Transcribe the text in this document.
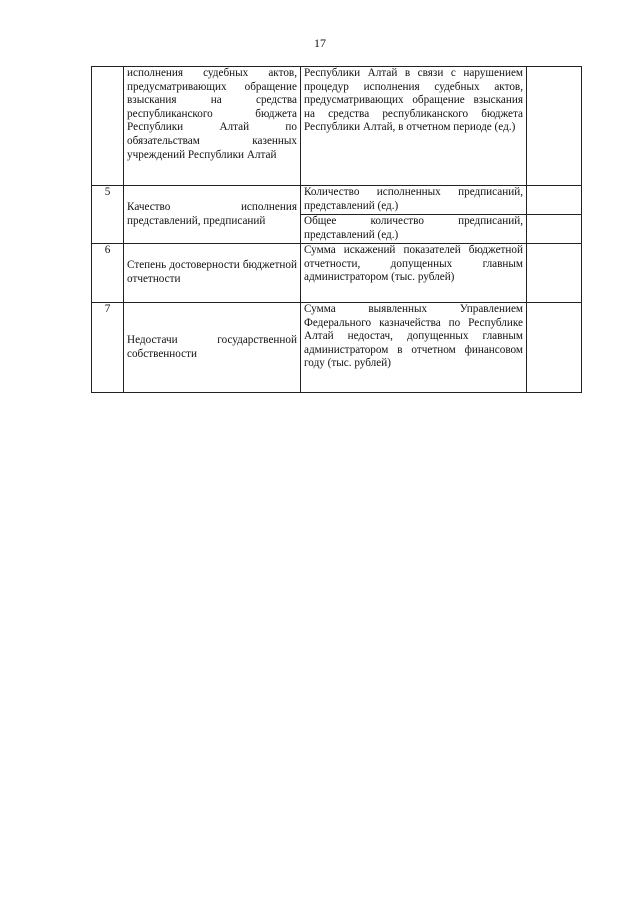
17
	исполнения судебных актов, предусматривающих обращение взыскания на средства республиканского бюджета Республики Алтай по обязательствам казенных учреждений Республики Алтай	Республики Алтай в связи с нарушением процедур исполнения судебных актов, предусматривающих обращение взыскания на средства республиканского бюджета Республики Алтай, в отчетном периоде (ед.)	
5	Качество исполнения представлений, предписаний	Количество исполненных предписаний, представлений (ед.)	
		Общее количество предписаний, представлений (ед.)	
6	Степень достоверности бюджетной отчетности	Сумма искажений показателей бюджетной отчетности, допущенных главным администратором (тыс. рублей)	
7	Недостачи государственной собственности	Сумма выявленных Управлением Федерального казначейства по Республике Алтай недостач, допущенных главным администратором в отчетном финансовом году (тыс. рублей)	
